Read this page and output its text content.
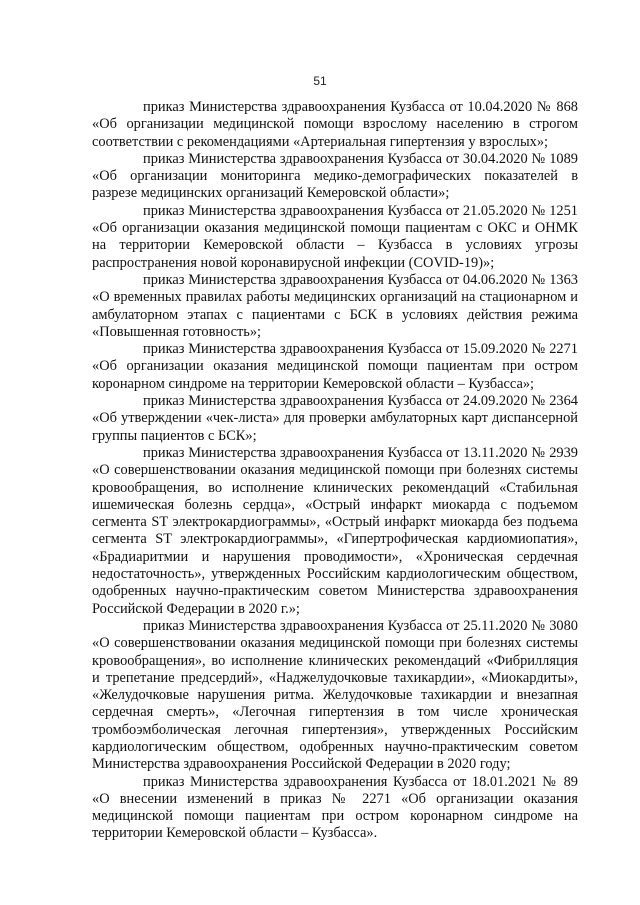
51

приказ Министерства здравоохранения Кузбасса от 10.04.2020 № 868 «Об организации медицинской помощи взрослому населению в строгом соответствии с рекомендациями «Артериальная гипертензия у взрослых»;

приказ Министерства здравоохранения Кузбасса от 30.04.2020 № 1089 «Об организации мониторинга медико-демографических показателей в разрезе медицинских организаций Кемеровской области»;

приказ Министерства здравоохранения Кузбасса от 21.05.2020 № 1251 «Об организации оказания медицинской помощи пациентам с ОКС и ОНМК на территории Кемеровской области – Кузбасса в условиях угрозы распространения новой коронавирусной инфекции (COVID-19)»;

приказ Министерства здравоохранения Кузбасса от 04.06.2020 № 1363 «О временных правилах работы медицинских организаций на стационарном и амбулаторном этапах с пациентами с БСК в условиях действия режима «Повышенная готовность»;

приказ Министерства здравоохранения Кузбасса от 15.09.2020 № 2271 «Об организации оказания медицинской помощи пациентам при остром коронарном синдроме на территории Кемеровской области – Кузбасса»;

приказ Министерства здравоохранения Кузбасса от 24.09.2020 № 2364 «Об утверждении «чек-листа» для проверки амбулаторных карт диспансерной группы пациентов с БСК»;

приказ Министерства здравоохранения Кузбасса от 13.11.2020 № 2939 «О совершенствовании оказания медицинской помощи при болезнях системы кровообращения, во исполнение клинических рекомендаций «Стабильная ишемическая болезнь сердца», «Острый инфаркт миокарда с подъемом сегмента ST электрокардиограммы», «Острый инфаркт миокарда без подъема сегмента ST электрокардиограммы», «Гипертрофическая кардиомиопатия», «Брадиаритмии и нарушения проводимости», «Хроническая сердечная недостаточность», утвержденных Российским кардиологическим обществом, одобренных научно-практическим советом Министерства здравоохранения Российской Федерации в 2020 г.»;

приказ Министерства здравоохранения Кузбасса от 25.11.2020 № 3080 «О совершенствовании оказания медицинской помощи при болезнях системы кровообращения», во исполнение клинических рекомендаций «Фибрилляция и трепетание предсердий», «Наджелудочковые тахикардии», «Миокардиты», «Желудочковые нарушения ритма. Желудочковые тахикардии и внезапная сердечная смерть», «Легочная гипертензия в том числе хроническая тромбоэмболическая легочная гипертензия», утвержденных Российским кардиологическим обществом, одобренных научно-практическим советом Министерства здравоохранения Российской Федерации в 2020 году;

приказ Министерства здравоохранения Кузбасса от 18.01.2021 № 89 «О внесении изменений в приказ № 2271 «Об организации оказания медицинской помощи пациентам при остром коронарном синдроме на территории Кемеровской области – Кузбасса».
